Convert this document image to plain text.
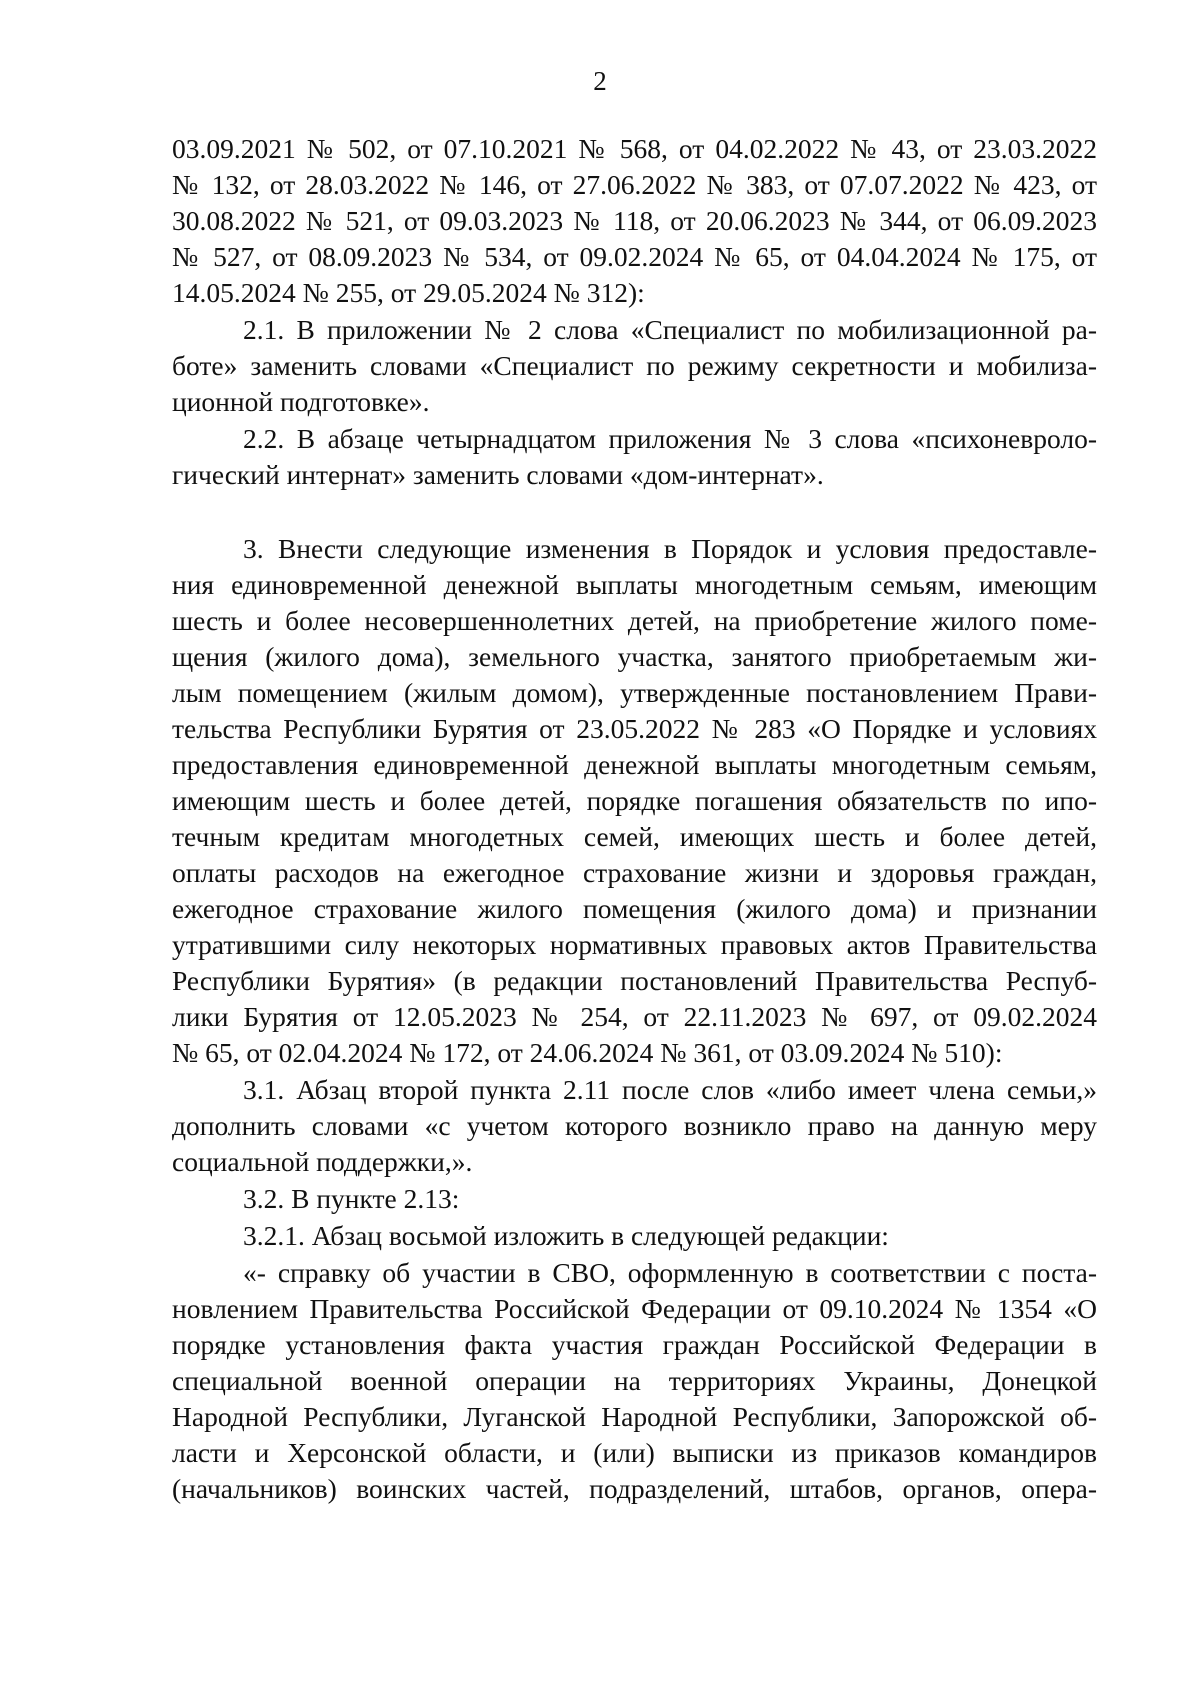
2
03.09.2021 № 502, от 07.10.2021 № 568, от 04.02.2022 № 43, от 23.03.2022
№ 132, от 28.03.2022 № 146, от 27.06.2022 № 383, от 07.07.2022 № 423, от
30.08.2022 № 521, от 09.03.2023 № 118, от 20.06.2023 № 344, от 06.09.2023
№ 527, от 08.09.2023 № 534, от 09.02.2024 № 65, от 04.04.2024 № 175, от
14.05.2024 № 255, от 29.05.2024 № 312):
2.1. В приложении № 2 слова «Специалист по мобилизационной ра-
боте» заменить словами «Специалист по режиму секретности и мобилиза-
ционной подготовке».
2.2. В абзаце четырнадцатом приложения № 3 слова «психоневроло-
гический интернат» заменить словами «дом-интернат».
3. Внести следующие изменения в Порядок и условия предоставле-
ния единовременной денежной выплаты многодетным семьям, имеющим
шесть и более несовершеннолетних детей, на приобретение жилого поме-
щения (жилого дома), земельного участка, занятого приобретаемым жи-
лым помещением (жилым домом), утвержденные постановлением Прави-
тельства Республики Бурятия от 23.05.2022 № 283 «О Порядке и условиях
предоставления единовременной денежной выплаты многодетным семьям,
имеющим шесть и более детей, порядке погашения обязательств по ипо-
течным кредитам многодетных семей, имеющих шесть и более детей,
оплаты расходов на ежегодное страхование жизни и здоровья граждан,
ежегодное страхование жилого помещения (жилого дома) и признании
утратившими силу некоторых нормативных правовых актов Правительства
Республики Бурятия» (в редакции постановлений Правительства Респуб-
лики Бурятия от 12.05.2023 № 254, от 22.11.2023 № 697, от 09.02.2024
№ 65, от 02.04.2024 № 172, от 24.06.2024 № 361, от 03.09.2024 № 510):
3.1. Абзац второй пункта 2.11 после слов «либо имеет члена семьи,»
дополнить словами «с учетом которого возникло право на данную меру
социальной поддержки,».
3.2. В пункте 2.13:
3.2.1. Абзац восьмой изложить в следующей редакции:
«- справку об участии в СВО, оформленную в соответствии с поста-
новлением Правительства Российской Федерации от 09.10.2024 № 1354 «О
порядке установления факта участия граждан Российской Федерации в
специальной военной операции на территориях Украины, Донецкой
Народной Республики, Луганской Народной Республики, Запорожской об-
ласти и Херсонской области, и (или) выписки из приказов командиров
(начальников) воинских частей, подразделений, штабов, органов, опера-
